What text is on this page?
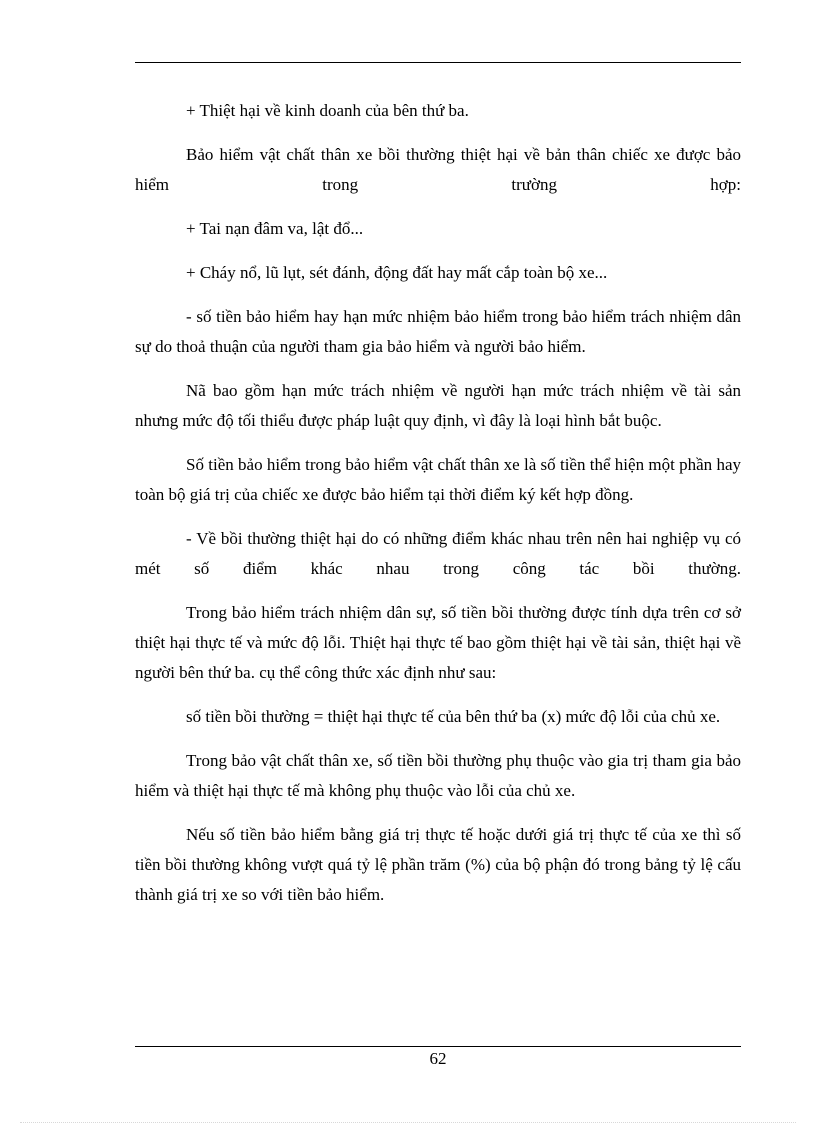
+ Thiệt hại về kinh doanh của bên thứ ba.

Bảo hiểm vật chất thân xe bồi thường thiệt hại về bản thân chiếc xe được bảo hiểm trong trường hợp:

+ Tai nạn đâm va, lật đổ...

+ Cháy nổ, lũ lụt, sét đánh, động đất hay mất cắp toàn bộ xe...

- số tiền bảo hiểm hay hạn mức nhiệm bảo hiểm trong bảo hiểm trách nhiệm dân sự do thoả thuận của người tham gia bảo hiểm và người bảo hiểm.

Nã bao gồm hạn mức trách nhiệm về người hạn mức trách nhiệm về tài sản nhưng mức độ tối thiểu được pháp luật quy định, vì đây là loại hình bắt buộc.

Số tiền bảo hiểm trong bảo hiểm vật chất thân xe là số tiền thể hiện một phần hay toàn bộ giá trị của chiếc xe được bảo hiểm tại thời điểm ký kết hợp đồng.

- Về bồi thường thiệt hại do có những điểm khác nhau trên nên hai nghiệp vụ có mét số điểm khác nhau trong công tác bồi thường.

Trong bảo hiểm trách nhiệm dân sự, số tiền bồi thường được tính dựa trên cơ sở thiệt hại thực tế và mức độ lỗi. Thiệt hại thực tế bao gồm thiệt hại về tài sản, thiệt hại về người bên thứ ba. cụ thể công thức xác định như sau:

số tiền bồi thường = thiệt hại thực tế của bên thứ ba (x) mức độ lỗi của chủ xe.

Trong bảo vật chất thân xe, số tiền bồi thường phụ thuộc vào gia trị tham gia bảo hiểm và thiệt hại thực tế mà không phụ thuộc vào lỗi của chủ xe.

Nếu số tiền bảo hiểm bằng giá trị thực tế hoặc dưới giá trị thực tế của xe thì số tiền bồi thường không vượt quá tỷ lệ phần trăm (%) của bộ phận đó trong bảng tỷ lệ cấu thành giá trị xe so với tiền bảo hiểm.

62
